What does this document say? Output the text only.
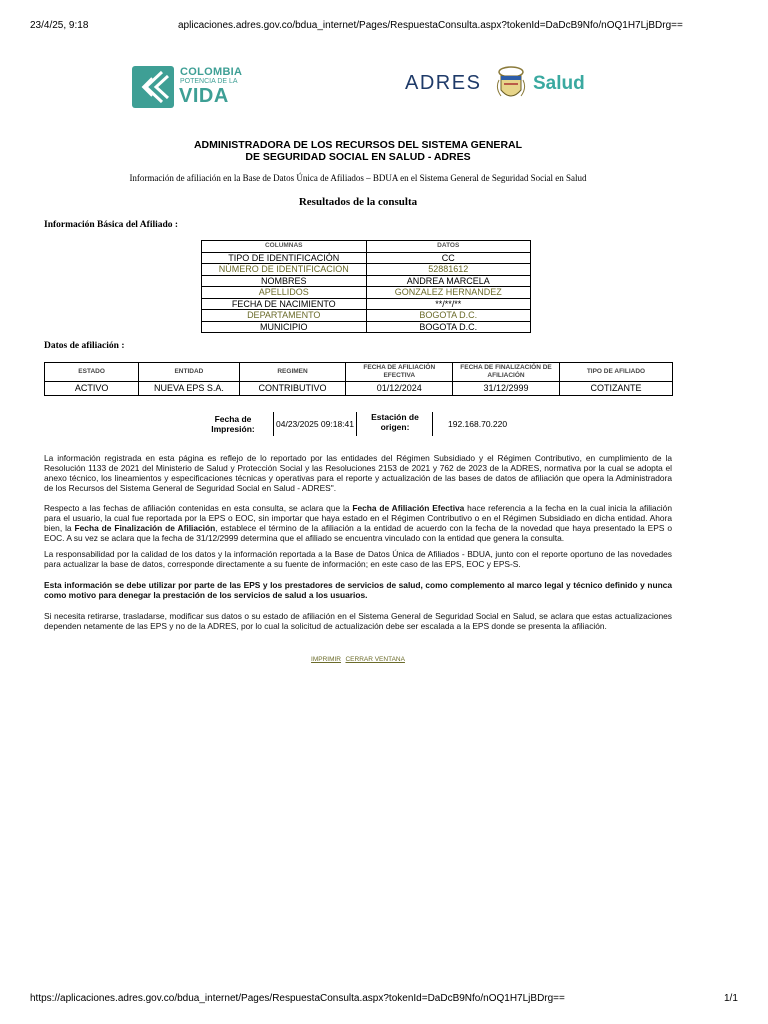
23/4/25, 9:18	aplicaciones.adres.gov.co/bdua_internet/Pages/RespuestaConsulta.aspx?tokenId=DaDcB9Nfo/nOQ1H7LjBDrg==
COLOMBIA
POTENCIA DE LA
VIDA
ADRES	Salud
ADMINISTRADORA DE LOS RECURSOS DEL SISTEMA GENERAL
DE SEGURIDAD SOCIAL EN SALUD - ADRES
Información de afiliación en la Base de Datos Única de Afiliados – BDUA en el Sistema General de Seguridad Social en Salud
Resultados de la consulta
Información Básica del Afiliado :
COLUMNAS	DATOS
TIPO DE IDENTIFICACIÓN	CC
NÚMERO DE IDENTIFICACION	52881612
NOMBRES	ANDREA MARCELA
APELLIDOS	GONZALEZ HERNANDEZ
FECHA DE NACIMIENTO	**/**/**
DEPARTAMENTO	BOGOTA D.C.
MUNICIPIO	BOGOTA D.C.
Datos de afiliación :
ESTADO	ENTIDAD	REGIMEN	FECHA DE AFILIACIÓN EFECTIVA	FECHA DE FINALIZACIÓN DE AFILIACIÓN	TIPO DE AFILIADO
ACTIVO	NUEVA EPS S.A.	CONTRIBUTIVO	01/12/2024	31/12/2999	COTIZANTE
Fecha de Impresión:	04/23/2025 09:18:41
Estación de origen:	192.168.70.220
La información registrada en esta página es reflejo de lo reportado por las entidades del Régimen Subsidiado y el Régimen Contributivo, en cumplimiento de la Resolución 1133 de 2021 del Ministerio de Salud y Protección Social y las Resoluciones 2153 de 2021 y 762 de 2023 de la ADRES, normativa por la cual se adopta el anexo técnico, los lineamientos y especificaciones técnicas y operativas para el reporte y actualización de las bases de datos de afiliación que opera la Administradora de los Recursos del Sistema General de Seguridad Social en Salud - ADRES".
Respecto a las fechas de afiliación contenidas en esta consulta, se aclara que la Fecha de Afiliación Efectiva hace referencia a la fecha en la cual inicia la afiliación para el usuario, la cual fue reportada por la EPS o EOC, sin importar que haya estado en el Régimen Contributivo o en el Régimen Subsidiado en dicha entidad. Ahora bien, la Fecha de Finalización de Afiliación, establece el término de la afiliación a la entidad de acuerdo con la fecha de la novedad que haya presentado la EPS o EOC. A su vez se aclara que la fecha de 31/12/2999 determina que el afiliado se encuentra vinculado con la entidad que genera la consulta.
La responsabilidad por la calidad de los datos y la información reportada a la Base de Datos Única de Afiliados - BDUA, junto con el reporte oportuno de las novedades para actualizar la base de datos, corresponde directamente a su fuente de información; en este caso de las EPS, EOC y EPS-S.
Esta información se debe utilizar por parte de las EPS y los prestadores de servicios de salud, como complemento al marco legal y técnico definido y nunca como motivo para denegar la prestación de los servicios de salud a los usuarios.
Si necesita retirarse, trasladarse, modificar sus datos o su estado de afiliación en el Sistema General de Seguridad Social en Salud, se aclara que estas actualizaciones dependen netamente de las EPS y no de la ADRES, por lo cual la solicitud de actualización debe ser escalada a la EPS donde se presenta la afiliación.
IMPRIMIR CERRAR VENTANA
https://aplicaciones.adres.gov.co/bdua_internet/Pages/RespuestaConsulta.aspx?tokenId=DaDcB9Nfo/nOQ1H7LjBDrg==	1/1
